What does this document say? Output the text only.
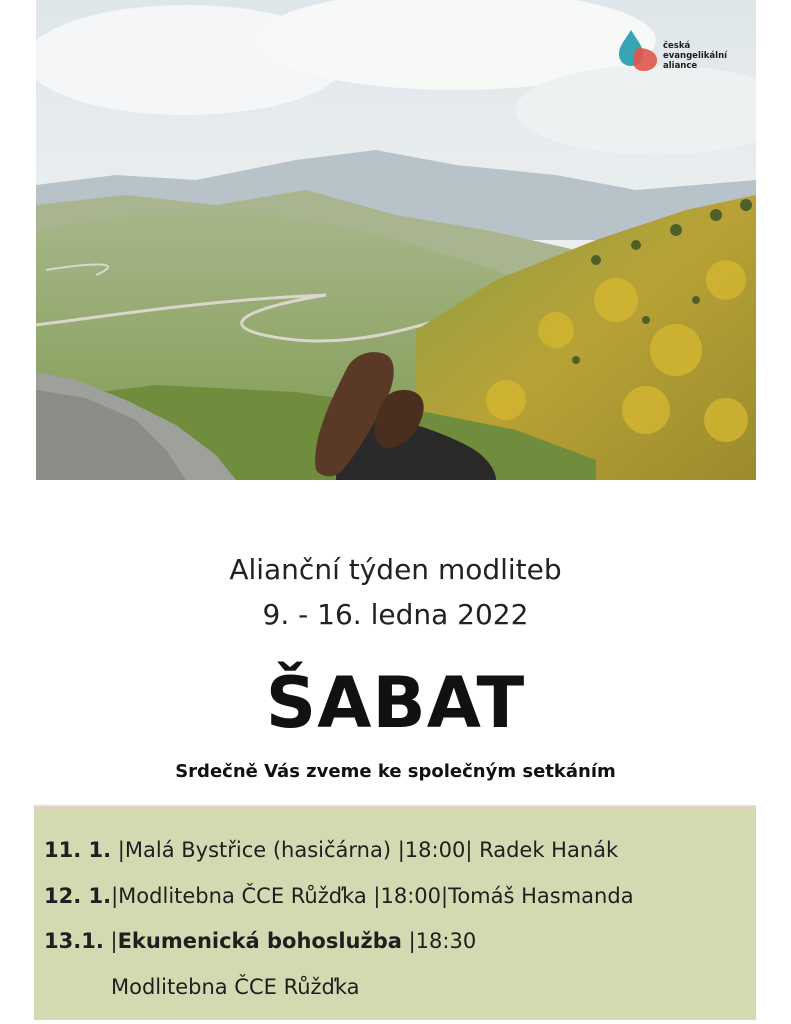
česká
evangelikální
aliance
Alianční týden modliteb
9. - 16. ledna 2022
ŠABAT
Srdečně Vás zveme ke společným setkáním
11. 1. |Malá Bystřice (hasičárna) |18:00| Radek Hanák
12. 1.|Modlitebna ČCE Růžďka |18:00|Tomáš Hasmanda
13.1. |Ekumenická bohoslužba |18:30
Modlitebna ČCE Růžďka
